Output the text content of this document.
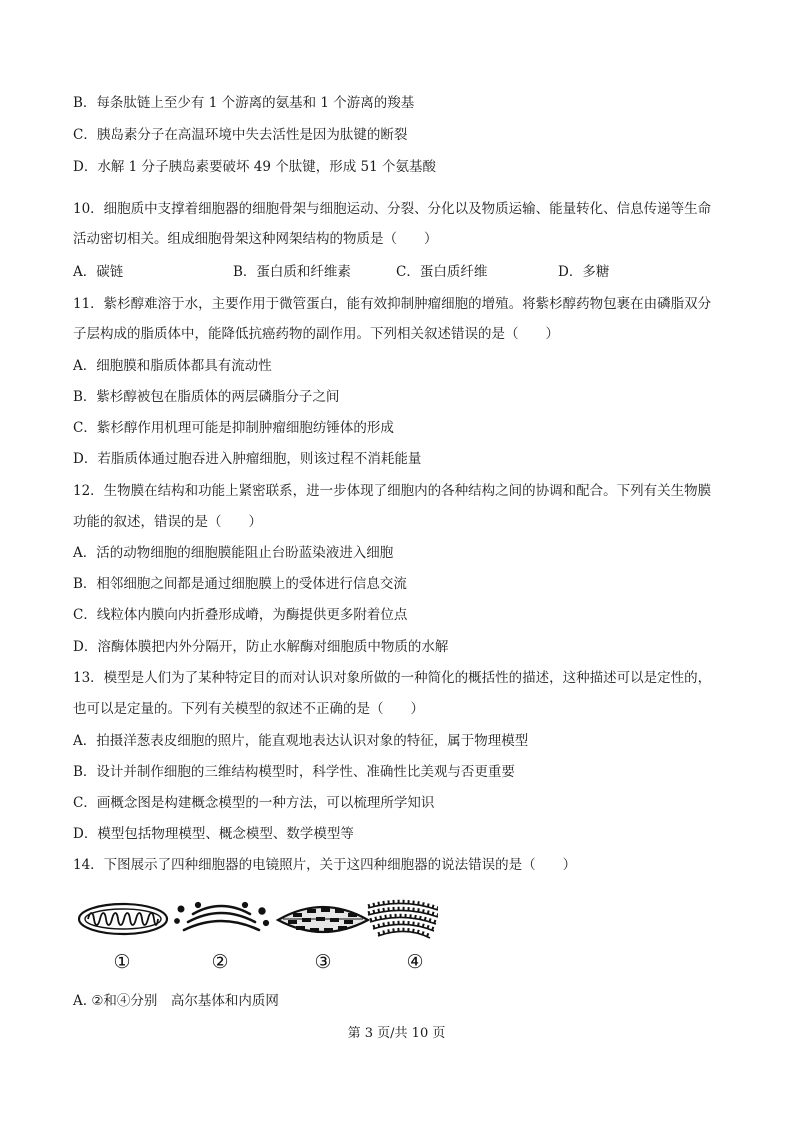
B．每条肽链上至少有 1 个游离的氨基和 1 个游离的羧基
C．胰岛素分子在高温环境中失去活性是因为肽键的断裂
D．水解 1 分子胰岛素要破坏 49 个肽键，形成 51 个氨基酸
10．细胞质中支撑着细胞器的细胞骨架与细胞运动、分裂、分化以及物质运输、能量转化、信息传递等生命
活动密切相关。组成细胞骨架这种网架结构的物质是（　　）
A．碳链	B．蛋白质和纤维素	C．蛋白质纤维	D．多糖
11．紫杉醇难溶于水，主要作用于微管蛋白，能有效抑制肿瘤细胞的增殖。将紫杉醇药物包裹在由磷脂双分
子层构成的脂质体中，能降低抗癌药物的副作用。下列相关叙述错误的是（　　）
A．细胞膜和脂质体都具有流动性
B．紫杉醇被包在脂质体的两层磷脂分子之间
C．紫杉醇作用机理可能是抑制肿瘤细胞纺锤体的形成
D．若脂质体通过胞吞进入肿瘤细胞，则该过程不消耗能量
12．生物膜在结构和功能上紧密联系，进一步体现了细胞内的各种结构之间的协调和配合。下列有关生物膜
功能的叙述，错误的是（　　）
A．活的动物细胞的细胞膜能阻止台盼蓝染液进入细胞
B．相邻细胞之间都是通过细胞膜上的受体进行信息交流
C．线粒体内膜向内折叠形成嵴，为酶提供更多附着位点
D．溶酶体膜把内外分隔开，防止水解酶对细胞质中物质的水解
13．模型是人们为了某种特定目的而对认识对象所做的一种简化的概括性的描述，这种描述可以是定性的，
也可以是定量的。下列有关模型的叙述不正确的是（　　）
A．拍摄洋葱表皮细胞的照片，能直观地表达认识对象的特征，属于物理模型
B．设计并制作细胞的三维结构模型时，科学性、准确性比美观与否更重要
C．画概念图是构建概念模型的一种方法，可以梳理所学知识
D．模型包括物理模型、概念模型、数学模型等
14．下图展示了四种细胞器的电镜照片，关于这四种细胞器的说法错误的是（　　）
①	②	③	④
A. ②和④分别　高尔基体和内质网
第 3 页/共 10 页
